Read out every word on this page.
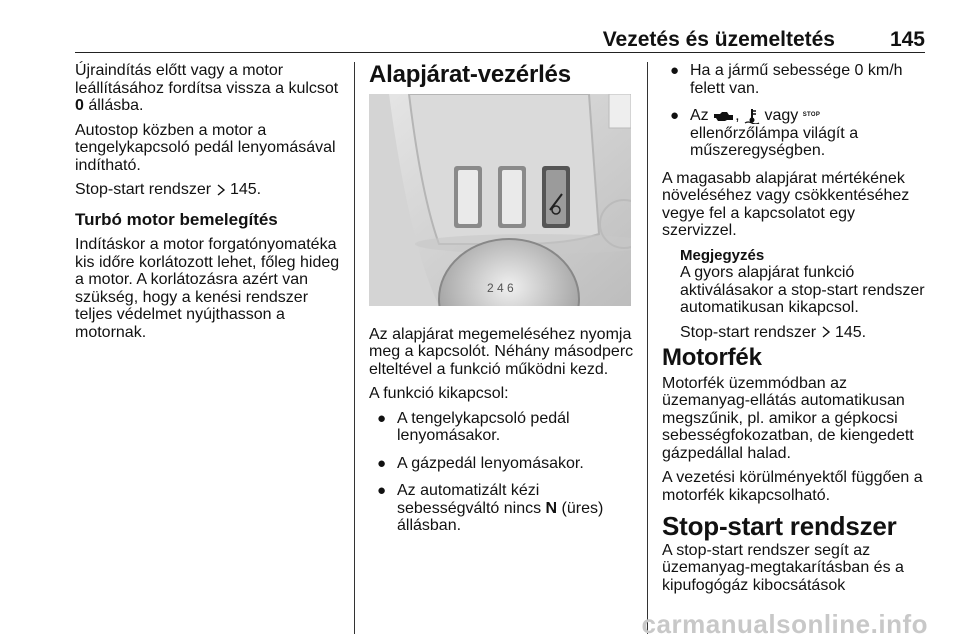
Vezetés és üzemeltetés	145

Újraindítás előtt vagy a motor leállításához fordítsa vissza a kulcsot 0 állásba.

Autostop közben a motor a tengelykapcsoló pedál lenyomásával indítható.

Stop-start rendszer  145.

Turbó motor bemelegítés

Indításkor a motor forgatónyomatéka kis időre korlátozott lehet, főleg hideg a motor. A korlátozásra azért van szükség, hogy a kenési rendszer teljes védelmet nyújthasson a motornak.

Alapjárat-vezérlés
2 4 6

Az alapjárat megemeléséhez nyomja meg a kapcsolót. Néhány másodperc elteltével a funkció működni kezd.

A funkció kikapcsol:

● A tengelykapcsoló pedál lenyomásakor.
● A gázpedál lenyomásakor.
● Az automatizált kézi sebességváltó nincs N (üres) állásban.
● Ha a jármű sebessége 0 km/h felett van.
● Az , vagy STOP
ellenőrzőlámpa világít a műszeregységben.

A magasabb alapjárat mértékének növeléséhez vagy csökkentéséhez vegye fel a kapcsolatot egy szervizzel.

Megjegyzés

A gyors alapjárat funkció aktiválásakor a stop-start rendszer automatikusan kikapcsol.

Stop-start rendszer  145.

Motorfék

Motorfék üzemmódban az üzemanyag-ellátás automatikusan megszűnik, pl. amikor a gépkocsi sebességfokozatban, de kiengedett gázpedállal halad.

A vezetési körülményektől függően a motorfék kikapcsolható.

Stop-start rendszer

A stop-start rendszer segít az üzemanyag-megtakarításban és a kipufogógáz kibocsátások

carmanualsonline.info
